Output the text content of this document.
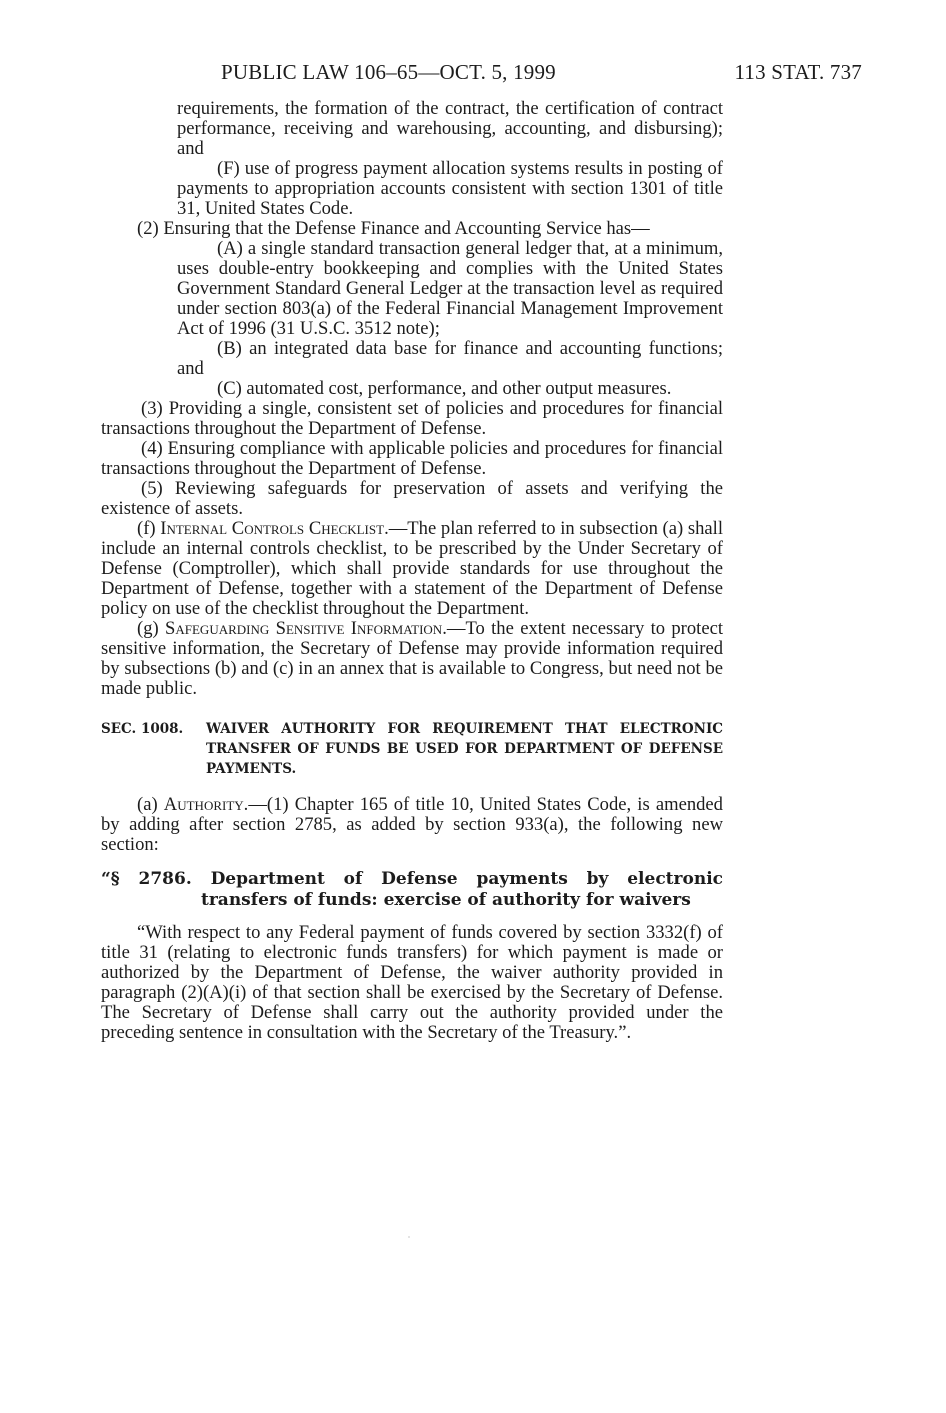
PUBLIC LAW 106–65—OCT. 5, 1999	113 STAT. 737

requirements, the formation of the contract, the certification of contract performance, receiving and warehousing, accounting, and disbursing); and

(F) use of progress payment allocation systems results in posting of payments to appropriation accounts consistent with section 1301 of title 31, United States Code.

(2) Ensuring that the Defense Finance and Accounting Service has—

(A) a single standard transaction general ledger that, at a minimum, uses double-entry bookkeeping and complies with the United States Government Standard General Ledger at the transaction level as required under section 803(a) of the Federal Financial Management Improvement Act of 1996 (31 U.S.C. 3512 note);

(B) an integrated data base for finance and accounting functions; and

(C) automated cost, performance, and other output measures.

(3) Providing a single, consistent set of policies and procedures for financial transactions throughout the Department of Defense.

(4) Ensuring compliance with applicable policies and procedures for financial transactions throughout the Department of Defense.

(5) Reviewing safeguards for preservation of assets and verifying the existence of assets.

(f) Internal Controls Checklist.—The plan referred to in subsection (a) shall include an internal controls checklist, to be prescribed by the Under Secretary of Defense (Comptroller), which shall provide standards for use throughout the Department of Defense, together with a statement of the Department of Defense policy on use of the checklist throughout the Department.

(g) Safeguarding Sensitive Information.—To the extent necessary to protect sensitive information, the Secretary of Defense may provide information required by subsections (b) and (c) in an annex that is available to Congress, but need not be made public.

SEC. 1008.	WAIVER AUTHORITY FOR REQUIREMENT THAT ELECTRONIC TRANSFER OF FUNDS BE USED FOR DEPARTMENT OF DEFENSE PAYMENTS.

(a) Authority.—(1) Chapter 165 of title 10, United States Code, is amended by adding after section 2785, as added by section 933(a), the following new section:

“§ 2786. Department of Defense payments by electronic transfers of funds: exercise of authority for waivers

“With respect to any Federal payment of funds covered by section 3332(f) of title 31 (relating to electronic funds transfers) for which payment is made or authorized by the Department of Defense, the waiver authority provided in paragraph (2)(A)(i) of that section shall be exercised by the Secretary of Defense. The Secretary of Defense shall carry out the authority provided under the preceding sentence in consultation with the Secretary of the Treasury.”.
